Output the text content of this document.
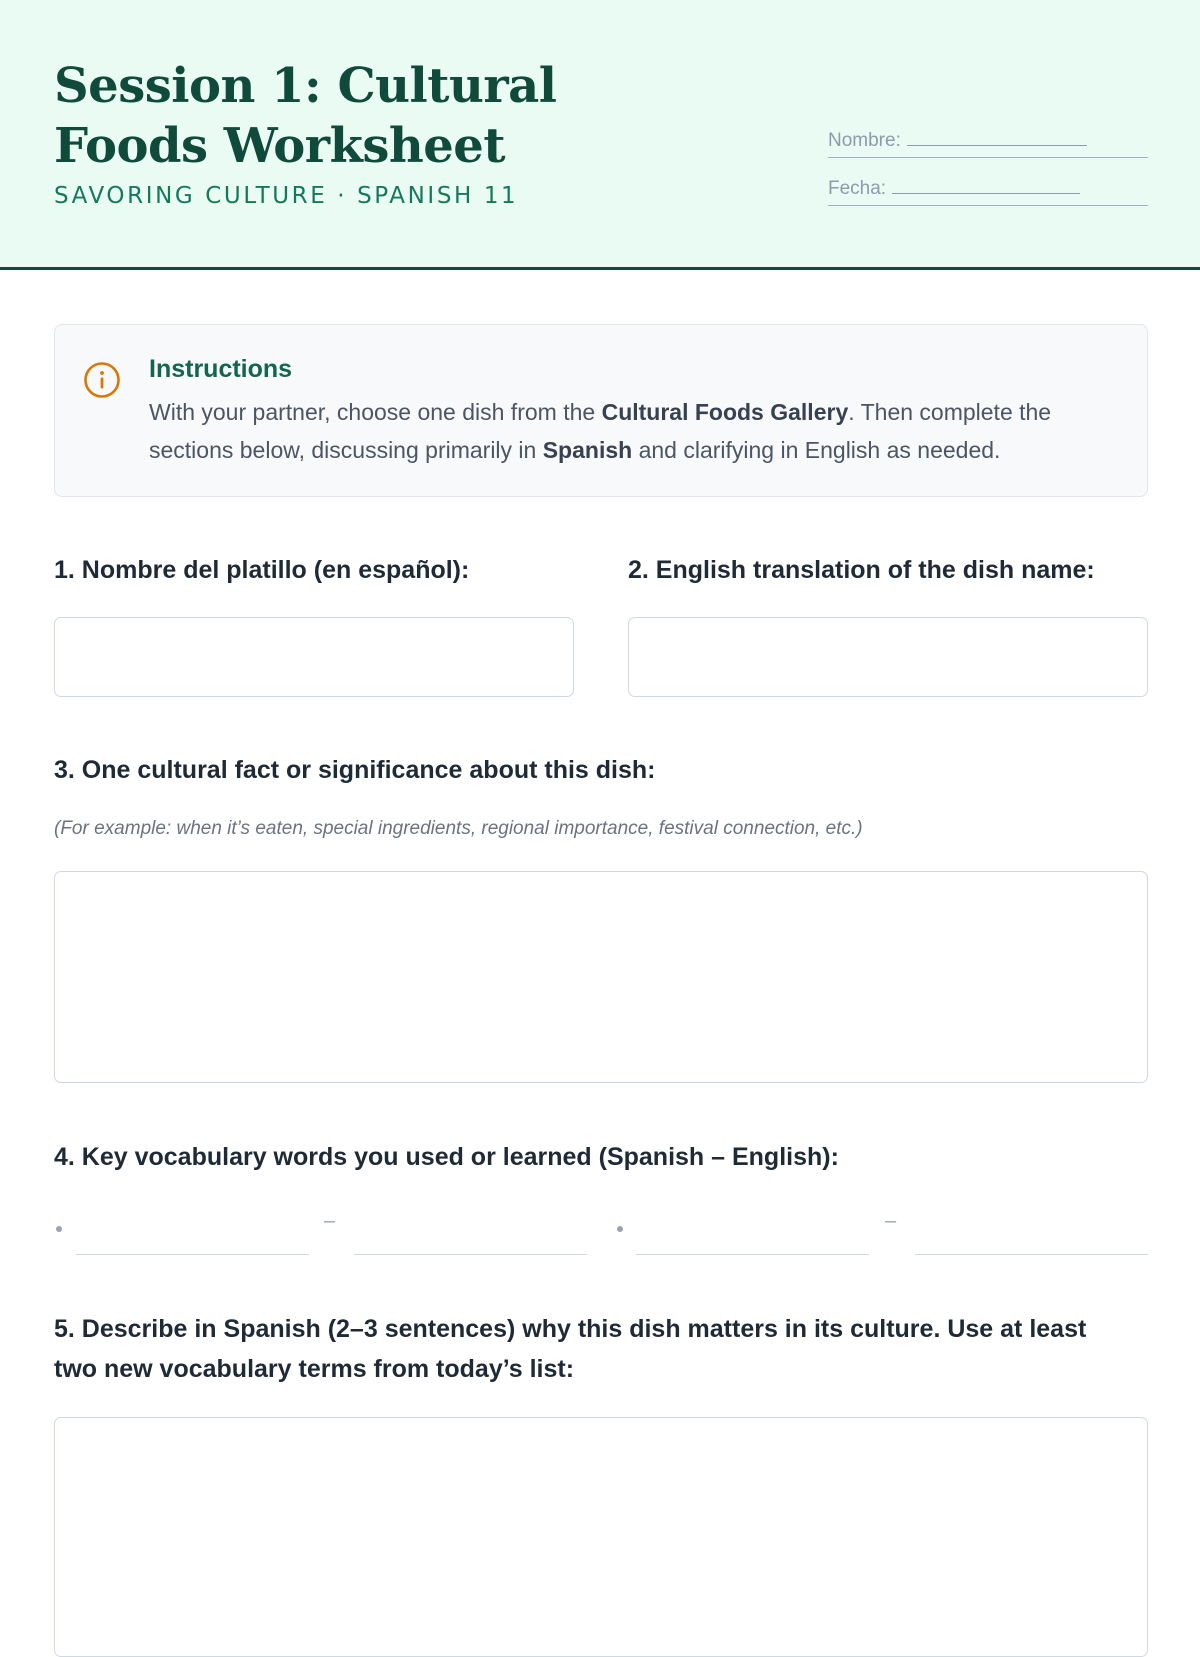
Session 1: Cultural Foods Worksheet
SAVORING CULTURE · SPANISH 11
Nombre:
Fecha:
Instructions
With your partner, choose one dish from the Cultural Foods Gallery. Then complete the sections below, discussing primarily in Spanish and clarifying in English as needed.
1. Nombre del platillo (en español):	2. English translation of the dish name:
3. One cultural fact or significance about this dish:
(For example: when it’s eaten, special ingredients, regional importance, festival connection, etc.)
4. Key vocabulary words you used or learned (Spanish – English):
–	–
5. Describe in Spanish (2–3 sentences) why this dish matters in its culture. Use at least two new vocabulary terms from today’s list:
